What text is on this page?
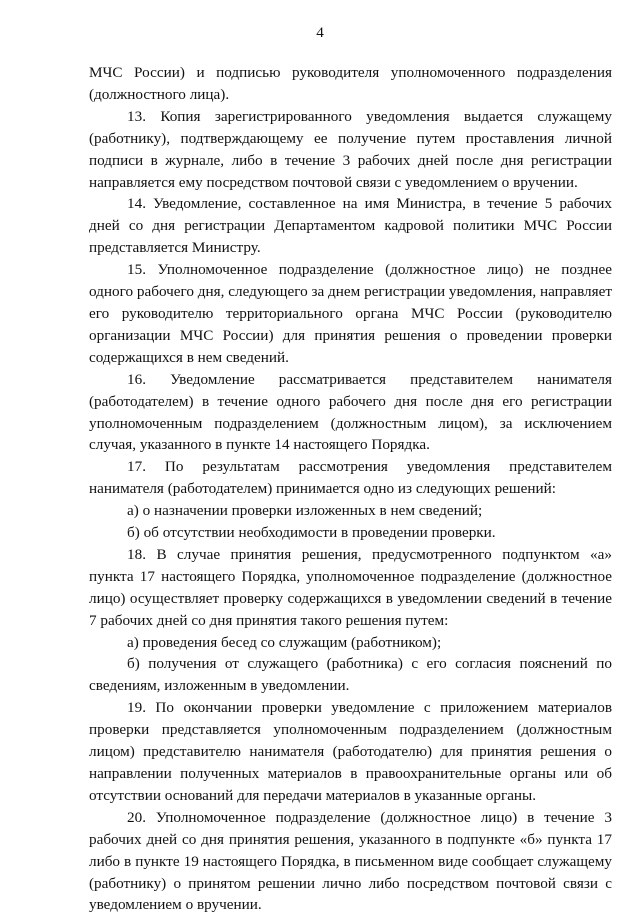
4

МЧС России) и подписью руководителя уполномоченного подразделения (должностного лица).

13. Копия зарегистрированного уведомления выдается служащему (работнику), подтверждающему ее получение путем проставления личной подписи в журнале, либо в течение 3 рабочих дней после дня регистрации направляется ему посредством почтовой связи с уведомлением о вручении.

14. Уведомление, составленное на имя Министра, в течение 5 рабочих дней со дня регистрации Департаментом кадровой политики МЧС России представляется Министру.

15. Уполномоченное подразделение (должностное лицо) не позднее одного рабочего дня, следующего за днем регистрации уведомления, направляет его руководителю территориального органа МЧС России (руководителю организации МЧС России) для принятия решения о проведении проверки содержащихся в нем сведений.

16. Уведомление рассматривается представителем нанимателя (работодателем) в течение одного рабочего дня после дня его регистрации уполномоченным подразделением (должностным лицом), за исключением случая, указанного в пункте 14 настоящего Порядка.

17. По результатам рассмотрения уведомления представителем нанимателя (работодателем) принимается одно из следующих решений:

а) о назначении проверки изложенных в нем сведений;

б) об отсутствии необходимости в проведении проверки.

18. В случае принятия решения, предусмотренного подпунктом «а» пункта 17 настоящего Порядка, уполномоченное подразделение (должностное лицо) осуществляет проверку содержащихся в уведомлении сведений в течение 7 рабочих дней со дня принятия такого решения путем:

а) проведения бесед со служащим (работником);

б) получения от служащего (работника) с его согласия пояснений по сведениям, изложенным в уведомлении.

19. По окончании проверки уведомление с приложением материалов проверки представляется уполномоченным подразделением (должностным лицом) представителю нанимателя (работодателю) для принятия решения о направлении полученных материалов в правоохранительные органы или об отсутствии оснований для передачи материалов в указанные органы.

20. Уполномоченное подразделение (должностное лицо) в течение 3 рабочих дней со дня принятия решения, указанного в подпункте «б» пункта 17 либо в пункте 19 настоящего Порядка, в письменном виде сообщает служащему (работнику) о принятом решении лично либо посредством почтовой связи с уведомлением о вручении.
